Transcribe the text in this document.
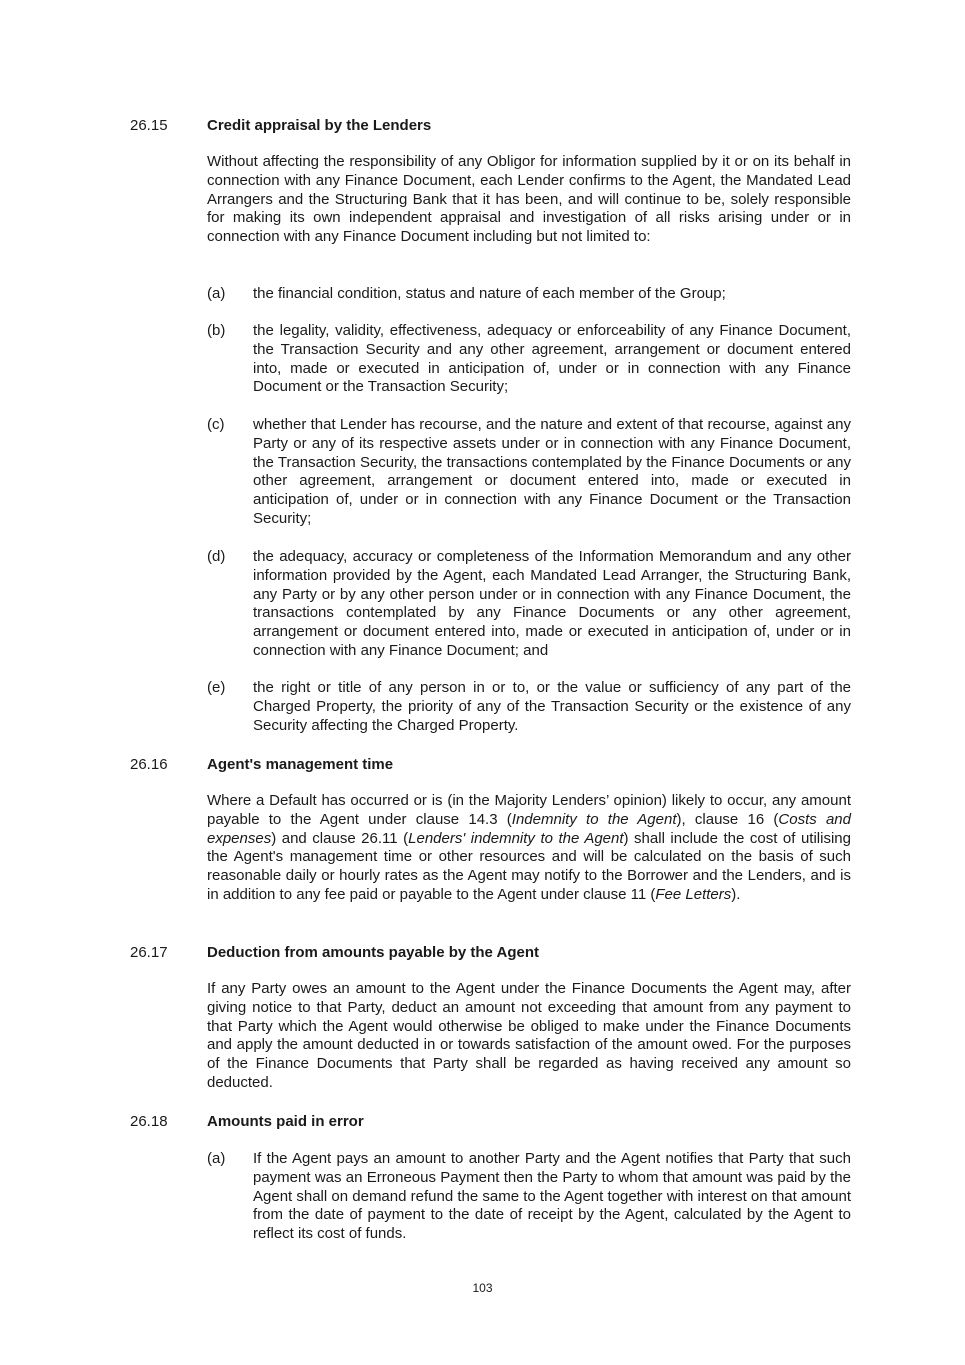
26.15	Credit appraisal by the Lenders
Without affecting the responsibility of any Obligor for information supplied by it or on its behalf in connection with any Finance Document, each Lender confirms to the Agent, the Mandated Lead Arrangers and the Structuring Bank that it has been, and will continue to be, solely responsible for making its own independent appraisal and investigation of all risks arising under or in connection with any Finance Document including but not limited to:
(a) the financial condition, status and nature of each member of the Group;
(b) the legality, validity, effectiveness, adequacy or enforceability of any Finance Document, the Transaction Security and any other agreement, arrangement or document entered into, made or executed in anticipation of, under or in connection with any Finance Document or the Transaction Security;
(c) whether that Lender has recourse, and the nature and extent of that recourse, against any Party or any of its respective assets under or in connection with any Finance Document, the Transaction Security, the transactions contemplated by the Finance Documents or any other agreement, arrangement or document entered into, made or executed in anticipation of, under or in connection with any Finance Document or the Transaction Security;
(d) the adequacy, accuracy or completeness of the Information Memorandum and any other information provided by the Agent, each Mandated Lead Arranger, the Structuring Bank, any Party or by any other person under or in connection with any Finance Document, the transactions contemplated by any Finance Documents or any other agreement, arrangement or document entered into, made or executed in anticipation of, under or in connection with any Finance Document; and
(e) the right or title of any person in or to, or the value or sufficiency of any part of the Charged Property, the priority of any of the Transaction Security or the existence of any Security affecting the Charged Property.
26.16	Agent's management time
Where a Default has occurred or is (in the Majority Lenders’ opinion) likely to occur, any amount payable to the Agent under clause 14.3 (Indemnity to the Agent), clause 16 (Costs and expenses) and clause 26.11 (Lenders' indemnity to the Agent) shall include the cost of utilising the Agent's management time or other resources and will be calculated on the basis of such reasonable daily or hourly rates as the Agent may notify to the Borrower and the Lenders, and is in addition to any fee paid or payable to the Agent under clause 11 (Fee Letters).
26.17	Deduction from amounts payable by the Agent
If any Party owes an amount to the Agent under the Finance Documents the Agent may, after giving notice to that Party, deduct an amount not exceeding that amount from any payment to that Party which the Agent would otherwise be obliged to make under the Finance Documents and apply the amount deducted in or towards satisfaction of the amount owed. For the purposes of the Finance Documents that Party shall be regarded as having received any amount so deducted.
26.18	Amounts paid in error
(a) If the Agent pays an amount to another Party and the Agent notifies that Party that such payment was an Erroneous Payment then the Party to whom that amount was paid by the Agent shall on demand refund the same to the Agent together with interest on that amount from the date of payment to the date of receipt by the Agent, calculated by the Agent to reflect its cost of funds.
103
